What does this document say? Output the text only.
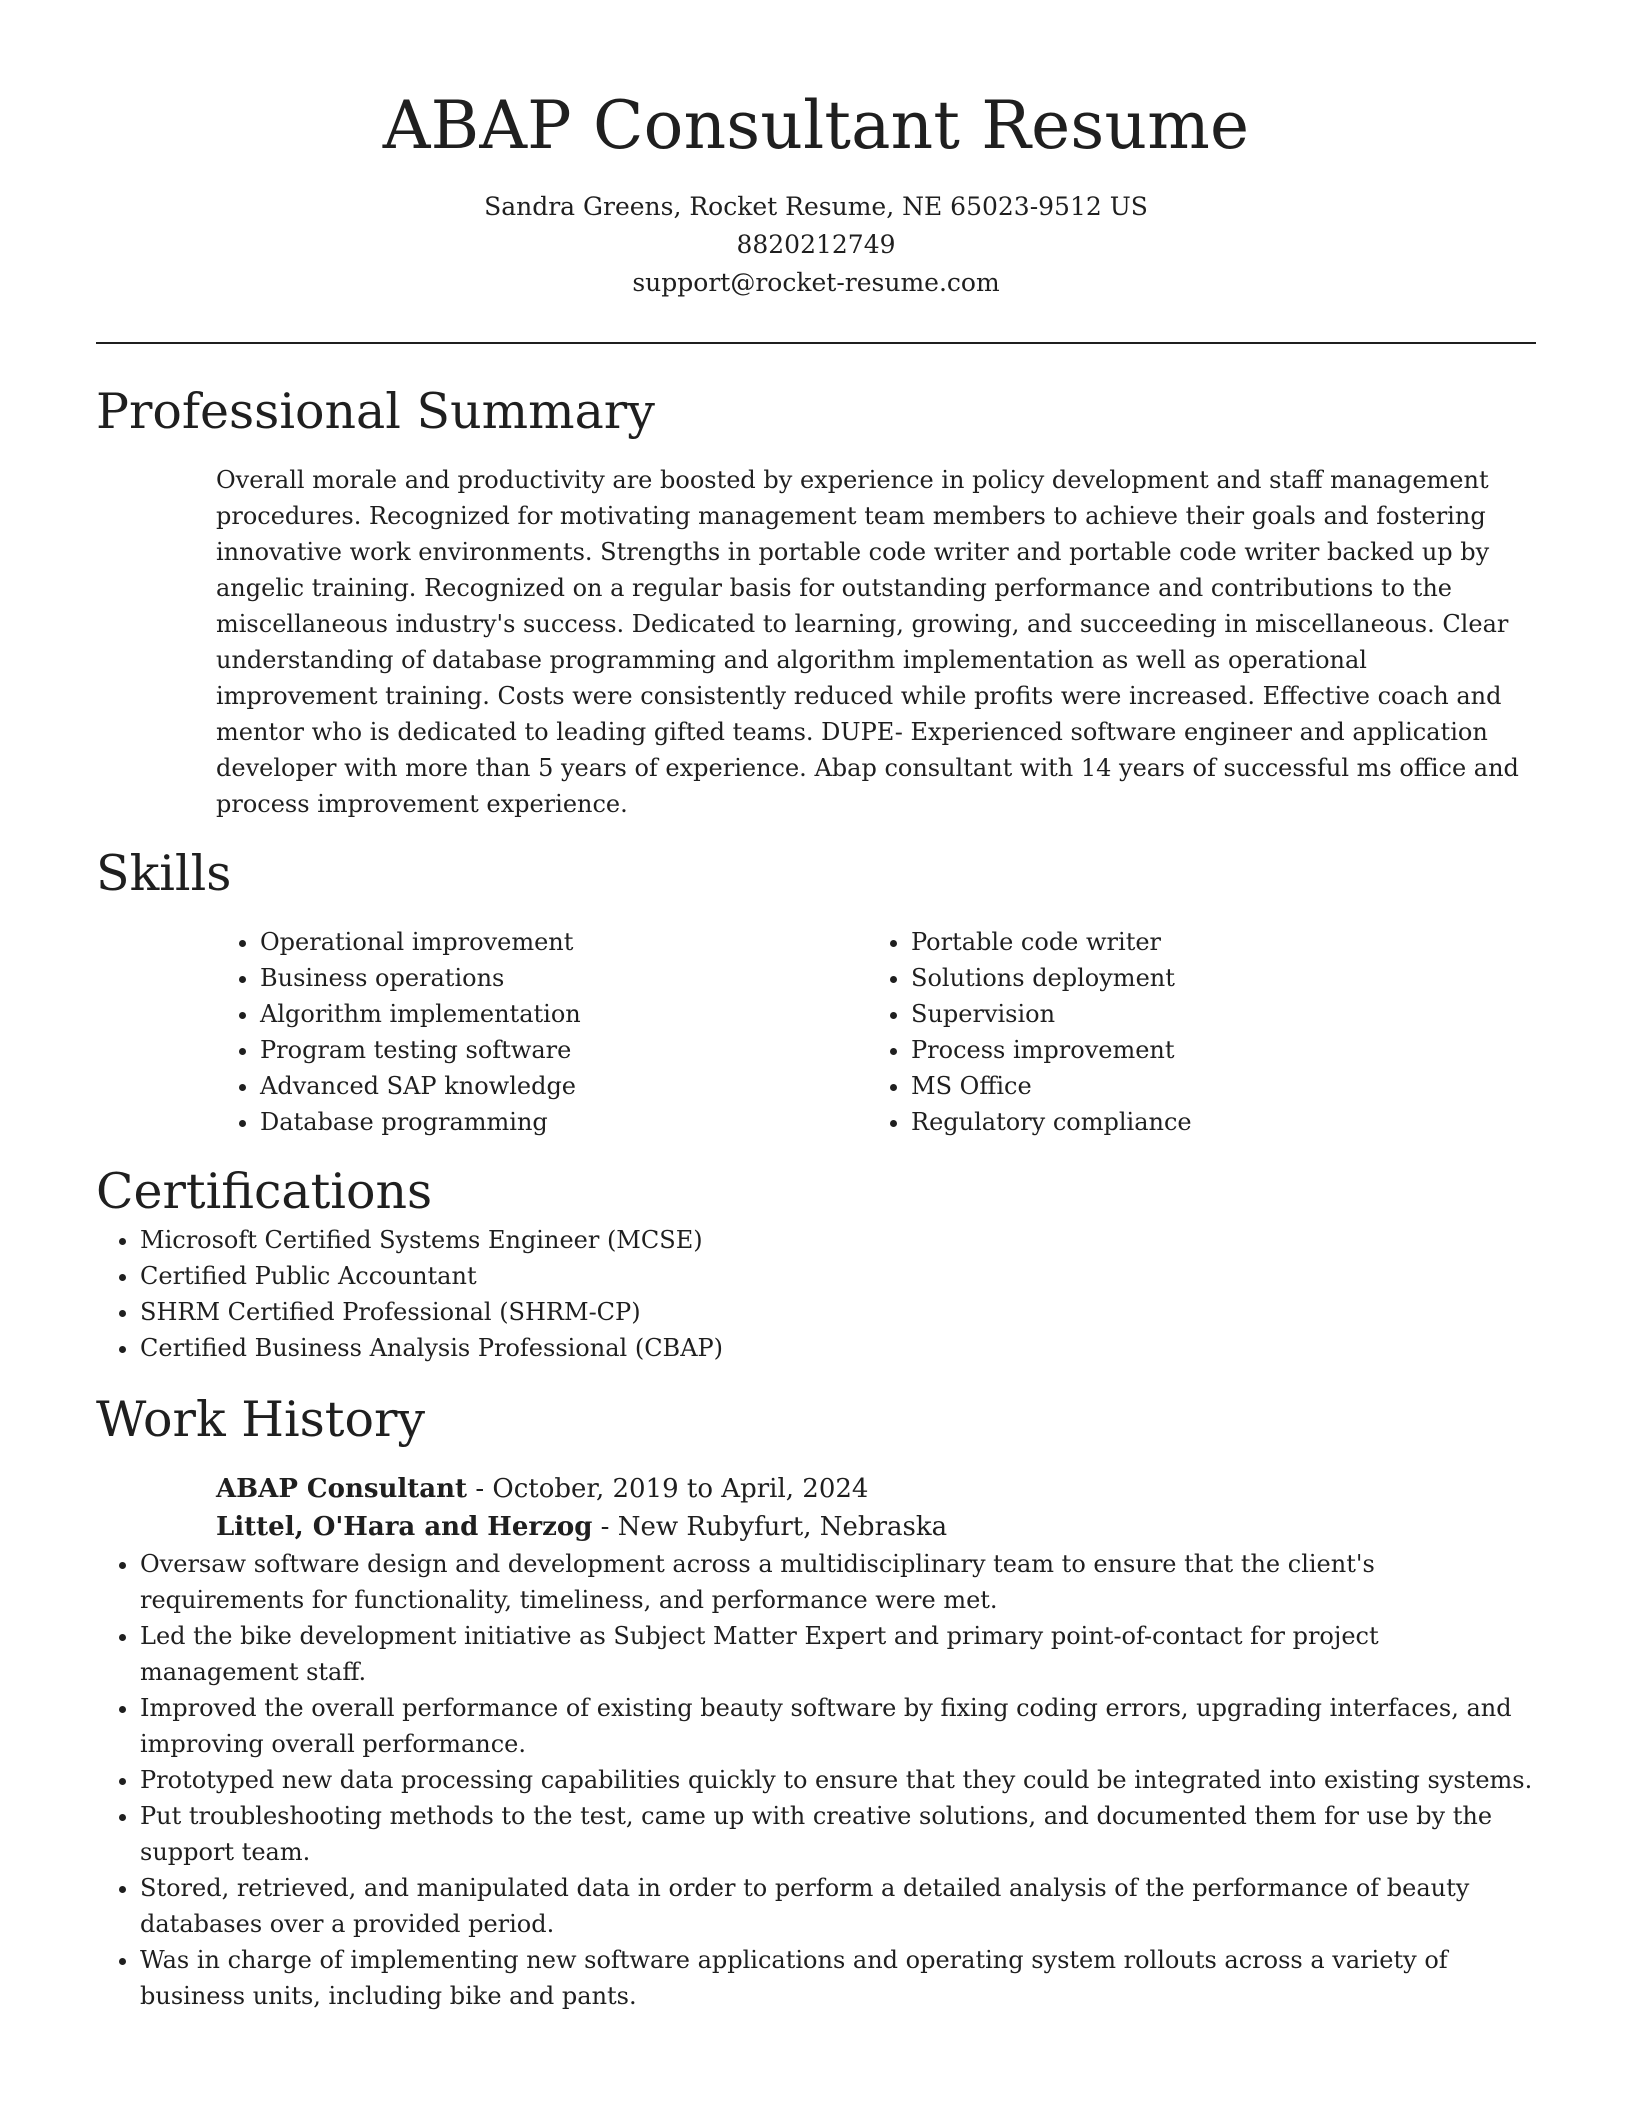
ABAP Consultant Resume
Sandra Greens, Rocket Resume, NE 65023-9512 US
8820212749
support@rocket-resume.com
Professional Summary

Overall morale and productivity are boosted by experience in policy development and staff management procedures. Recognized for motivating management team members to achieve their goals and fostering innovative work environments. Strengths in portable code writer and portable code writer backed up by angelic training. Recognized on a regular basis for outstanding performance and contributions to the miscellaneous industry's success. Dedicated to learning, growing, and succeeding in miscellaneous. Clear understanding of database programming and algorithm implementation as well as operational improvement training. Costs were consistently reduced while profits were increased. Effective coach and mentor who is dedicated to leading gifted teams. DUPE- Experienced software engineer and application developer with more than 5 years of experience. Abap consultant with 14 years of successful ms office and process improvement experience.

Skills
• Operational improvement
• Business operations
• Algorithm implementation
• Program testing software
• Advanced SAP knowledge
• Database programming
• Portable code writer
• Solutions deployment
• Supervision
• Process improvement
• MS Office
• Regulatory compliance
Certifications
• Microsoft Certified Systems Engineer (MCSE)
• Certified Public Accountant
• SHRM Certified Professional (SHRM-CP)
• Certified Business Analysis Professional (CBAP)
Work History
ABAP Consultant - October, 2019 to April, 2024
Littel, O'Hara and Herzog - New Rubyfurt, Nebraska
• Oversaw software design and development across a multidisciplinary team to ensure that the client's requirements for functionality, timeliness, and performance were met.
• Led the bike development initiative as Subject Matter Expert and primary point-of-contact for project management staff.
• Improved the overall performance of existing beauty software by fixing coding errors, upgrading interfaces, and improving overall performance.
• Prototyped new data processing capabilities quickly to ensure that they could be integrated into existing systems.
• Put troubleshooting methods to the test, came up with creative solutions, and documented them for use by the support team.
• Stored, retrieved, and manipulated data in order to perform a detailed analysis of the performance of beauty databases over a provided period.
• Was in charge of implementing new software applications and operating system rollouts across a variety of business units, including bike and pants.
